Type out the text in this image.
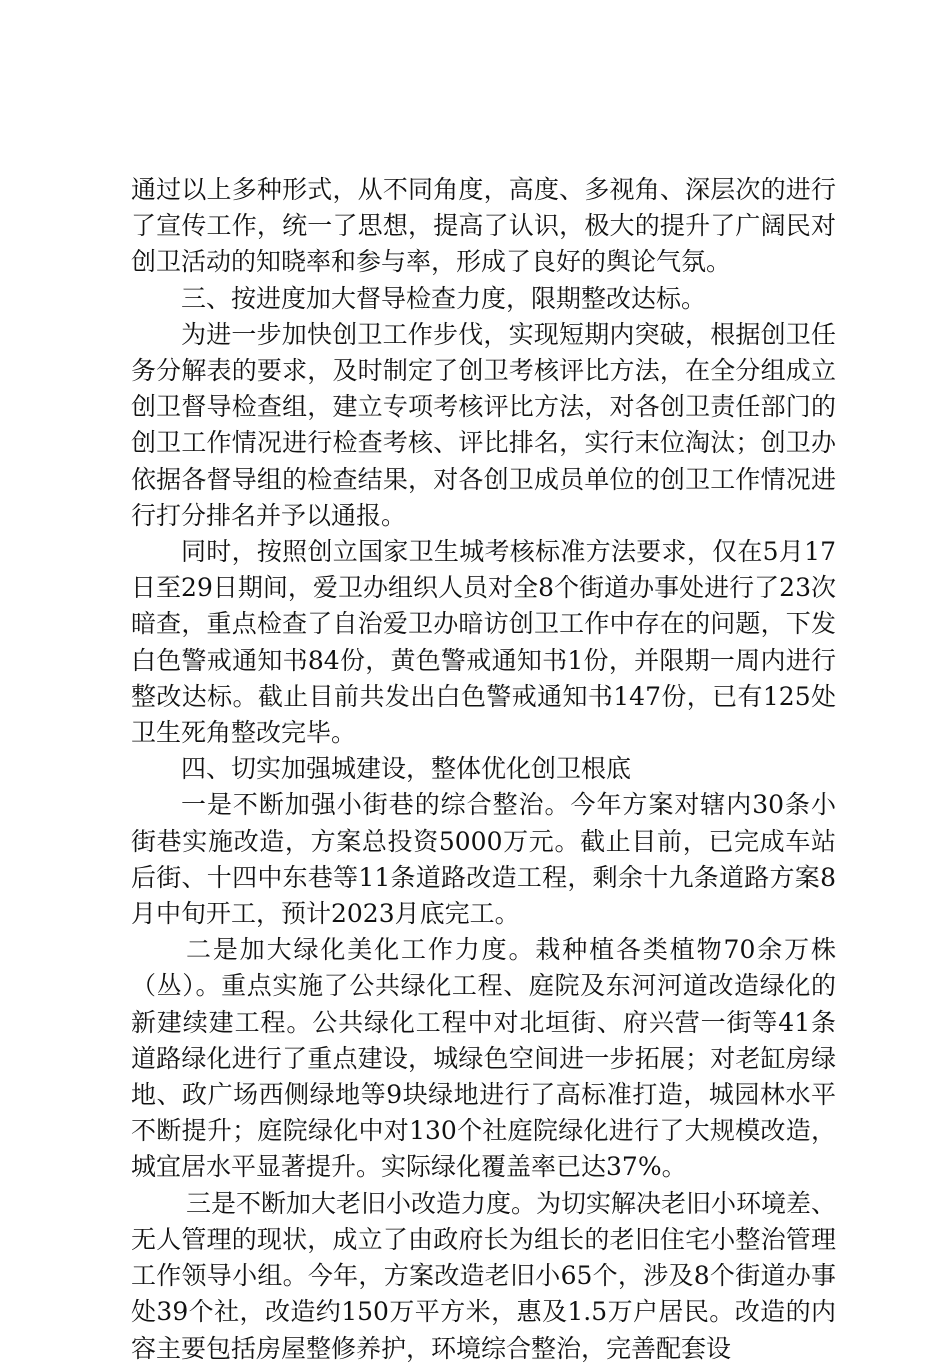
通过以上多种形式，从不同角度，高度、多视角、深层次的进行了宣传工作，统一了思想，提高了认识，极大的提升了广阔民对创卫活动的知晓率和参与率，形成了良好的舆论气氛。

三、按进度加大督导检查力度，限期整改达标。

为进一步加快创卫工作步伐，实现短期内突破，根据创卫任务分解表的要求，及时制定了创卫考核评比方法，在全分组成立创卫督导检查组，建立专项考核评比方法，对各创卫责任部门的创卫工作情况进行检查考核、评比排名，实行末位淘汰；创卫办依据各督导组的检查结果，对各创卫成员单位的创卫工作情况进行打分排名并予以通报。

同时，按照创立国家卫生城考核标准方法要求，仅在5月17日至29日期间，爱卫办组织人员对全8个街道办事处进行了23次暗查，重点检查了自治爱卫办暗访创卫工作中存在的问题，下发白色警戒通知书84份，黄色警戒通知书1份，并限期一周内进行整改达标。截止目前共发出白色警戒通知书147份，已有125处卫生死角整改完毕。

四、切实加强城建设，整体优化创卫根底

一是不断加强小街巷的综合整治。今年方案对辖内30条小街巷实施改造，方案总投资5000万元。截止目前，已完成车站后街、十四中东巷等11条道路改造工程，剩余十九条道路方案8月中旬开工，预计2023月底完工。

二是加大绿化美化工作力度。栽种植各类植物70余万株（丛）。重点实施了公共绿化工程、庭院及东河河道改造绿化的新建续建工程。公共绿化工程中对北垣街、府兴营一街等41条道路绿化进行了重点建设，城绿色空间进一步拓展；对老缸房绿地、政广场西侧绿地等9块绿地进行了高标准打造，城园林水平不断提升；庭院绿化中对130个社庭院绿化进行了大规模改造，城宜居水平显著提升。实际绿化覆盖率已达37%。

三是不断加大老旧小改造力度。为切实解决老旧小环境差、无人管理的现状，成立了由政府长为组长的老旧住宅小整治管理工作领导小组。今年，方案改造老旧小65个，涉及8个街道办事处39个社，改造约150万平方米，惠及1.5万户居民。改造的内容主要包括房屋整修养护，环境综合整治，完善配套设
